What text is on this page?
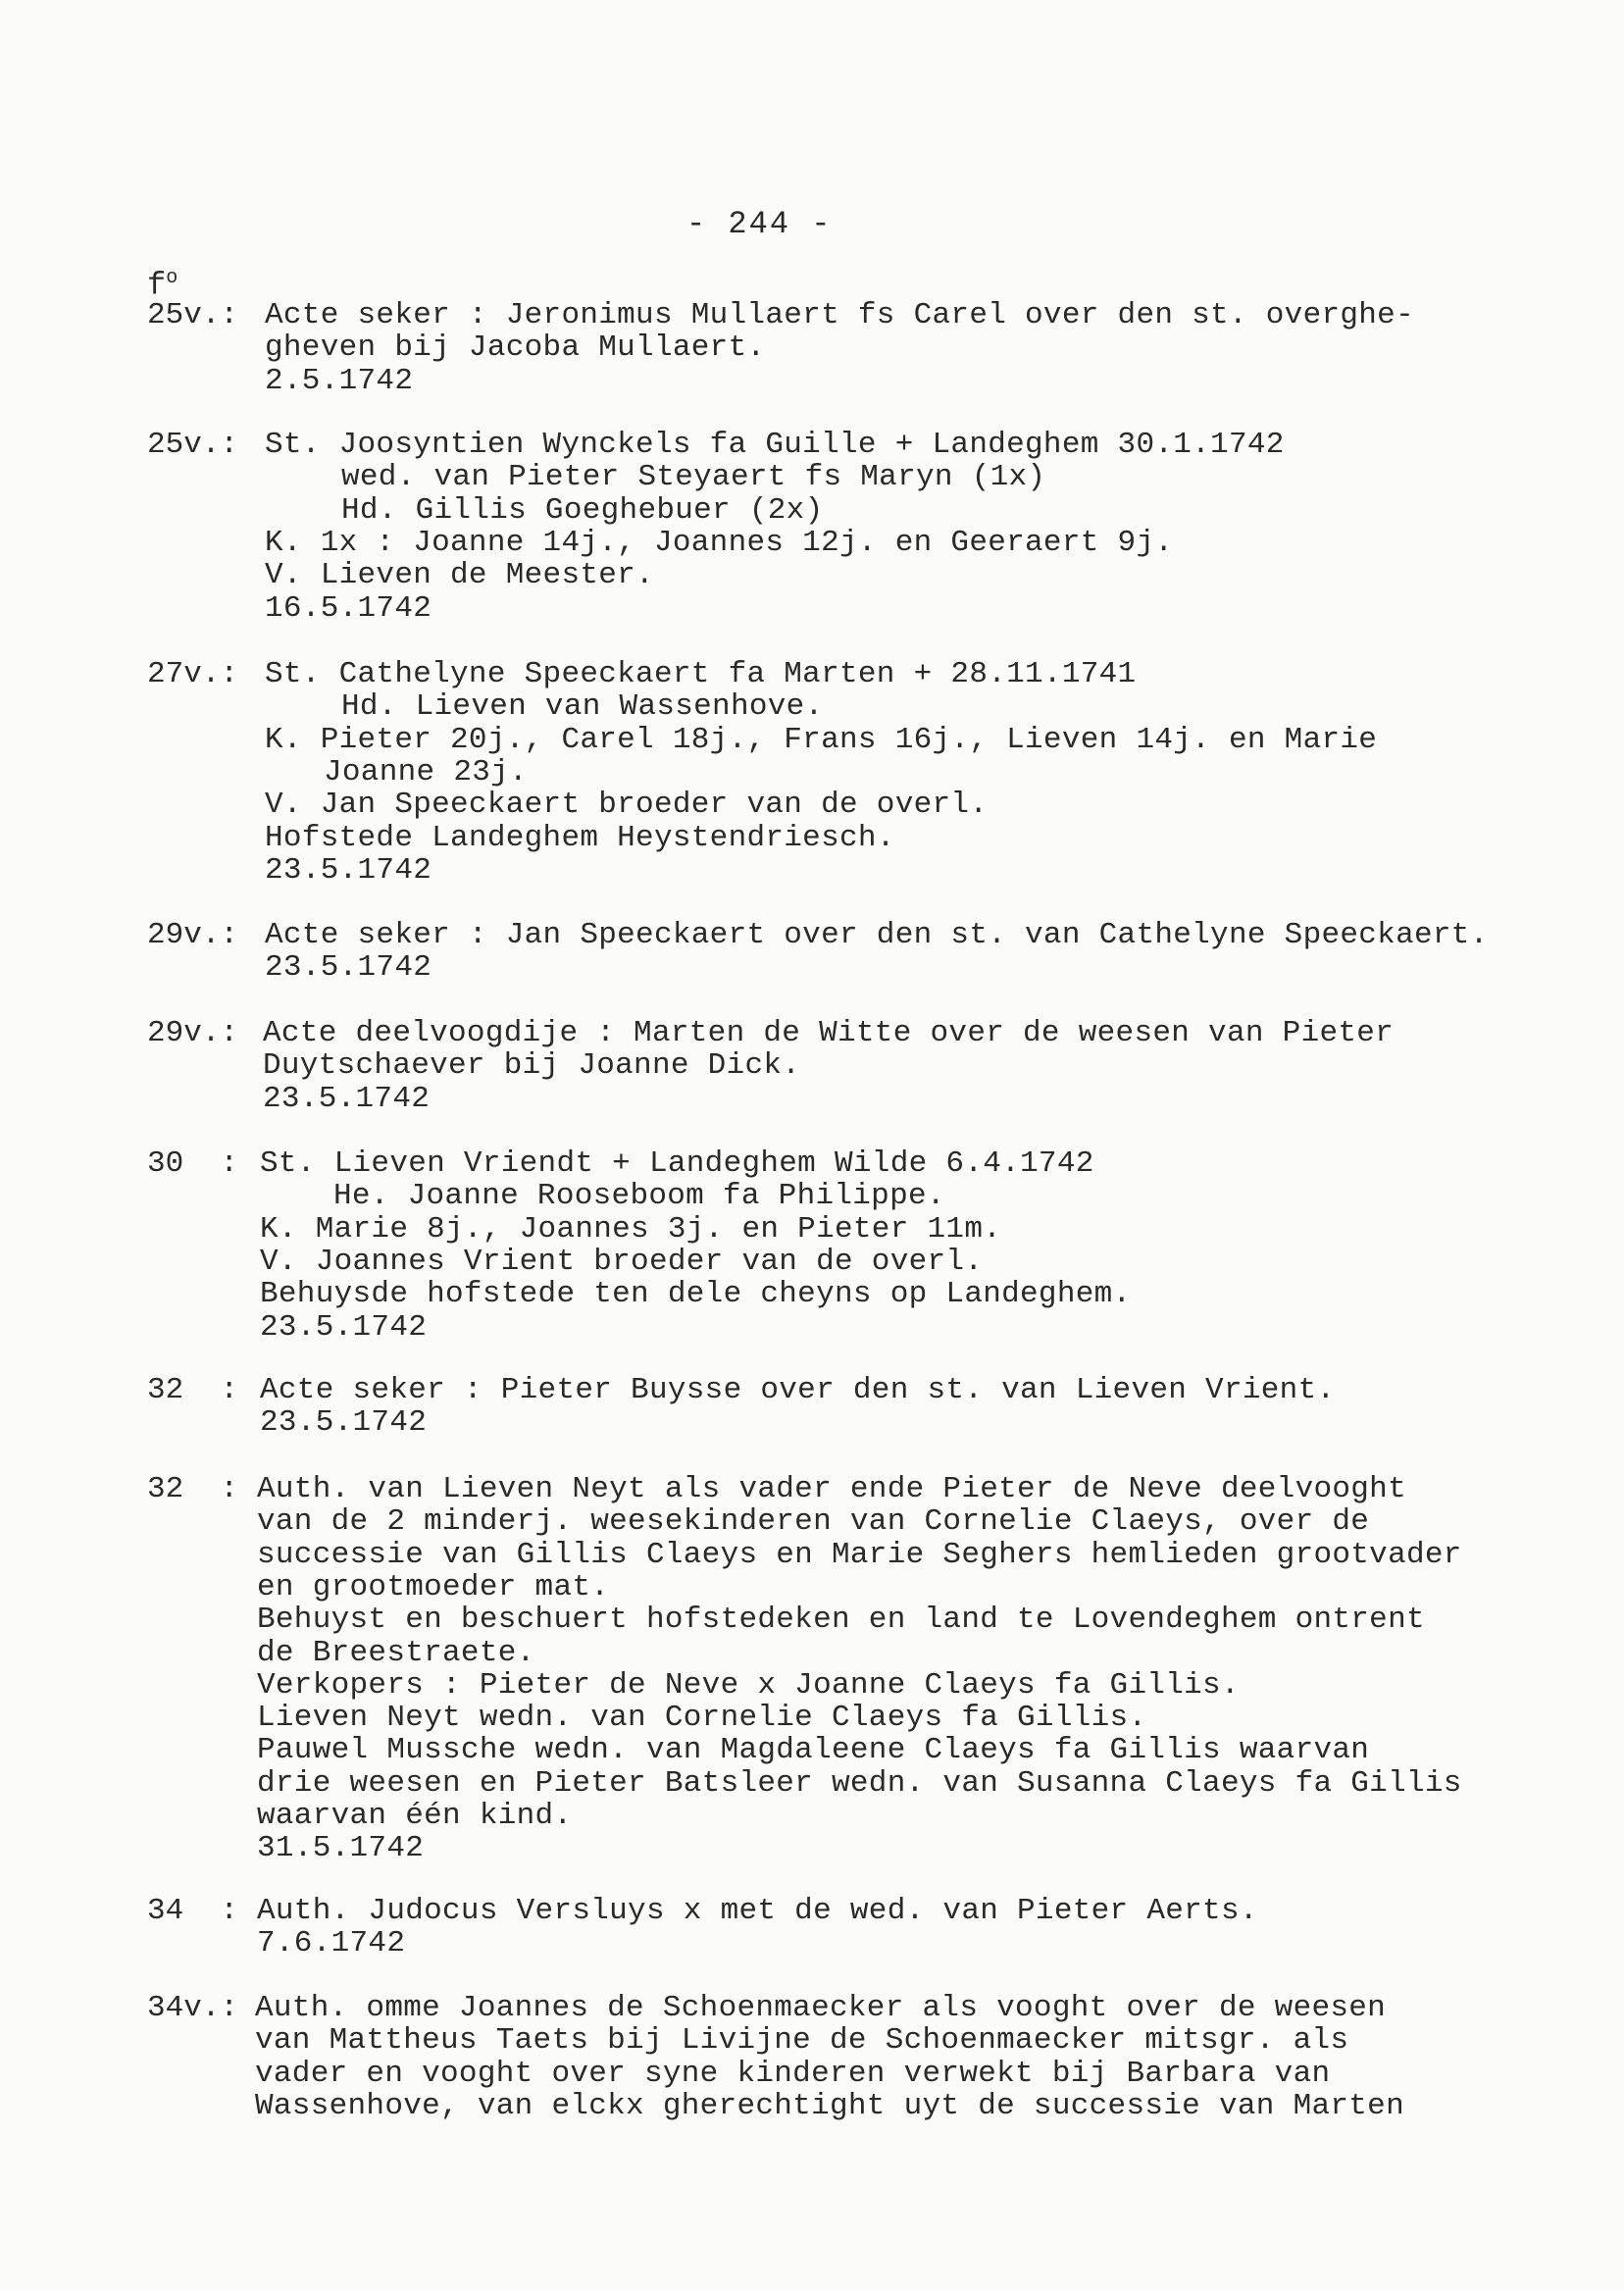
- 244 -
$f^o$
25v.: Acte seker : Jeronimus Mullaert fs Carel over den st. overghe-
gheven bij Jacoba Mullaert.
2.5.1742
25v.: St. Joosyntien Wynckels fa Guille + Landeghem 30.1.1742
wed. van Pieter Steyaert fs Maryn (1x)
Hd. Gillis Goeghebuer (2x)
K. 1x : Joanne 14j., Joannes 12j. en Geeraert 9j.
V. Lieven de Meester.
16.5.1742
27v.: St. Cathelyne Speeckaert fa Marten + 28.11.1741
Hd. Lieven van Wassenhove.
K. Pieter 20j., Carel 18j., Frans 16j., Lieven 14j. en Marie
Joanne 23j.
V. Jan Speeckaert broeder van de overl.
Hofstede Landeghem Heystendriesch.
23.5.1742
29v.: Acte seker : Jan Speeckaert over den st. van Cathelyne Speeckaert.
23.5.1742
29v.: Acte deelvoogdije : Marten de Witte over de weesen van Pieter
Duytschaever bij Joanne Dick.
23.5.1742
30  : St. Lieven Vriendt + Landeghem Wilde 6.4.1742
He. Joanne Rooseboom fa Philippe.
K. Marie 8j., Joannes 3j. en Pieter 11m.
V. Joannes Vrient broeder van de overl.
Behuysde hofstede ten dele cheyns op Landeghem.
23.5.1742
32  : Acte seker : Pieter Buysse over den st. van Lieven Vrient.
23.5.1742
32  : Auth. van Lieven Neyt als vader ende Pieter de Neve deelvooght
van de 2 minderj. weesekinderen van Cornelie Claeys, over de
successie van Gillis Claeys en Marie Seghers hemlieden grootvader
en grootmoeder mat.
Behuyst en beschuert hofstedeken en land te Lovendeghem ontrent
de Breestraete.
Verkopers : Pieter de Neve x Joanne Claeys fa Gillis.
Lieven Neyt wedn. van Cornelie Claeys fa Gillis.
Pauwel Mussche wedn. van Magdaleene Claeys fa Gillis waarvan
drie weesen en Pieter Batsleer wedn. van Susanna Claeys fa Gillis
waarvan één kind.
31.5.1742
34  : Auth. Judocus Versluys x met de wed. van Pieter Aerts.
7.6.1742
34v.: Auth. omme Joannes de Schoenmaecker als vooght over de weesen
van Mattheus Taets bij Livijne de Schoenmaecker mitsgr. als
vader en vooght over syne kinderen verwekt bij Barbara van
Wassenhove, van elckx gherechtight uyt de successie van Marten
